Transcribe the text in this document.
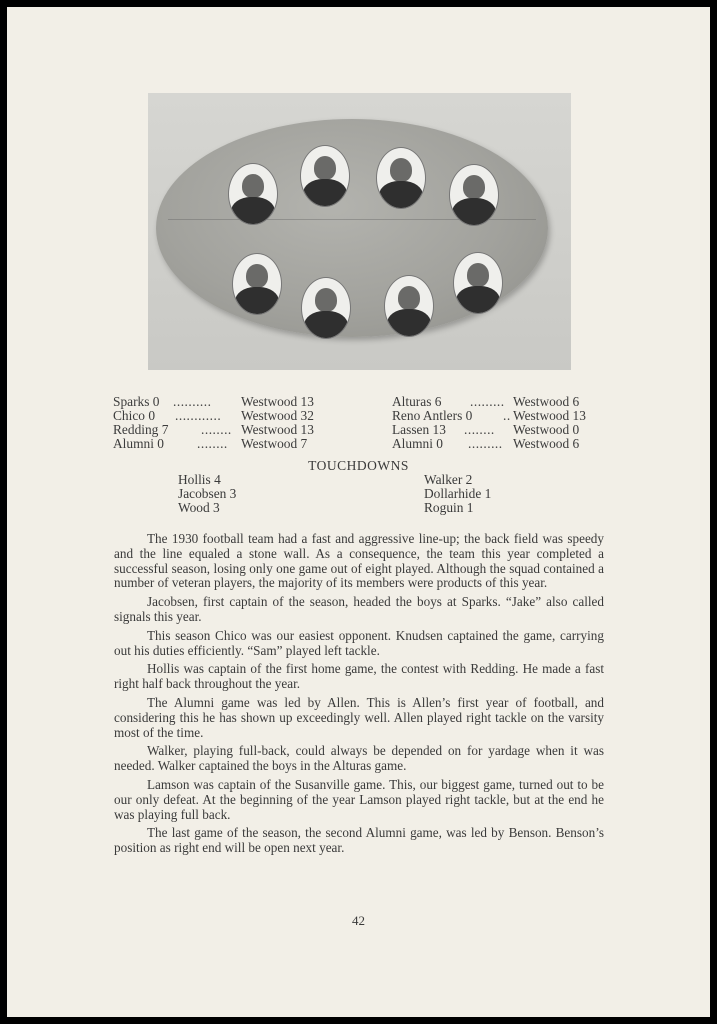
Sparks 0 .......... Westwood 13
Chico 0 ............ Westwood 32
Redding 7 ........ Westwood 13
Alumni 0 ........ Westwood 7
Alturas 6 ......... Westwood 6
Reno Antlers 0 .. Westwood 13
Lassen 13 ........ Westwood 0
Alumni 0 ......... Westwood 6
TOUCHDOWNS
Hollis 4
Jacobsen 3
Wood 3
Walker 2
Dollarhide 1
Roguin 1

The 1930 football team had a fast and aggressive line-up; the back field was speedy and the line equaled a stone wall. As a consequence, the team this year completed a successful season, losing only one game out of eight played. Although the squad contained a number of veteran players, the majority of its members were products of this year.

Jacobsen, first captain of the season, headed the boys at Sparks. “Jake” also called signals this year.

This season Chico was our easiest opponent. Knudsen captained the game, carrying out his duties efficiently. “Sam” played left tackle.

Hollis was captain of the first home game, the contest with Redding. He made a fast right half back throughout the year.

The Alumni game was led by Allen. This is Allen’s first year of football, and considering this he has shown up exceedingly well. Allen played right tackle on the varsity most of the time.

Walker, playing full-back, could always be depended on for yardage when it was needed. Walker captained the boys in the Alturas game.

Lamson was captain of the Susanville game. This, our biggest game, turned out to be our only defeat. At the beginning of the year Lamson played right tackle, but at the end he was playing full back.

The last game of the season, the second Alumni game, was led by Benson. Benson’s position as right end will be open next year.

42
